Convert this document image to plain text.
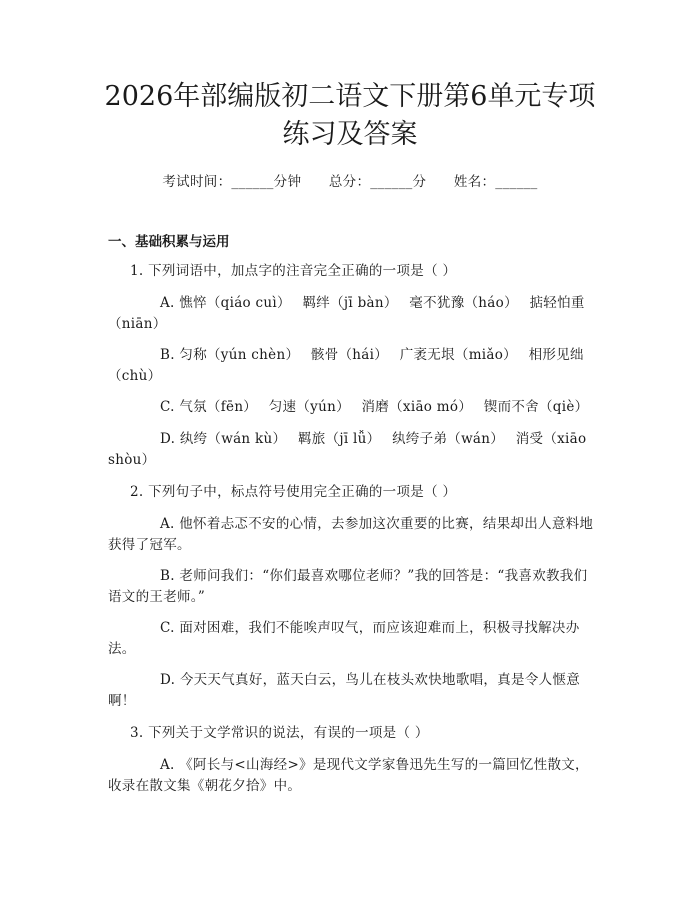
2026年部编版初二语文下册第6单元专项练习及答案
考试时间：______分钟 总分：______分 姓名：______
一、基础积累与运用
1. 下列词语中，加点字的注音完全正确的一项是（ ）
A. 憔悴（qiáo cuì）　 羁绊（jī bàn）　 毫不犹豫（háo）　 掂轻怕重（niān）
B. 匀称（yún chèn）　 骸骨（hái）　 广袤无垠（miǎo）　 相形见绌（chù）
C. 气氛（fēn）　 匀速（yún）　 消磨（xiāo mó）　 锲而不舍（qiè）
D. 纨绔（wán kù）　 羁旅（jī lǚ）　 纨绔子弟（wán）　 消受（xiāo shòu）
2. 下列句子中，标点符号使用完全正确的一项是（ ）
A. 他怀着忐忑不安的心情，去参加这次重要的比赛，结果却出人意料地获得了冠军。
B. 老师问我们：“你们最喜欢哪位老师？”我的回答是：“我喜欢教我们语文的王老师。”
C. 面对困难，我们不能唉声叹气，而应该迎难而上，积极寻找解决办法。
D. 今天天气真好，蓝天白云，鸟儿在枝头欢快地歌唱，真是令人惬意啊！
3. 下列关于文学常识的说法，有误的一项是（ ）
A. 《阿长与<山海经>》是现代文学家鲁迅先生写的一篇回忆性散文，收录在散文集《朝花夕拾》中。
